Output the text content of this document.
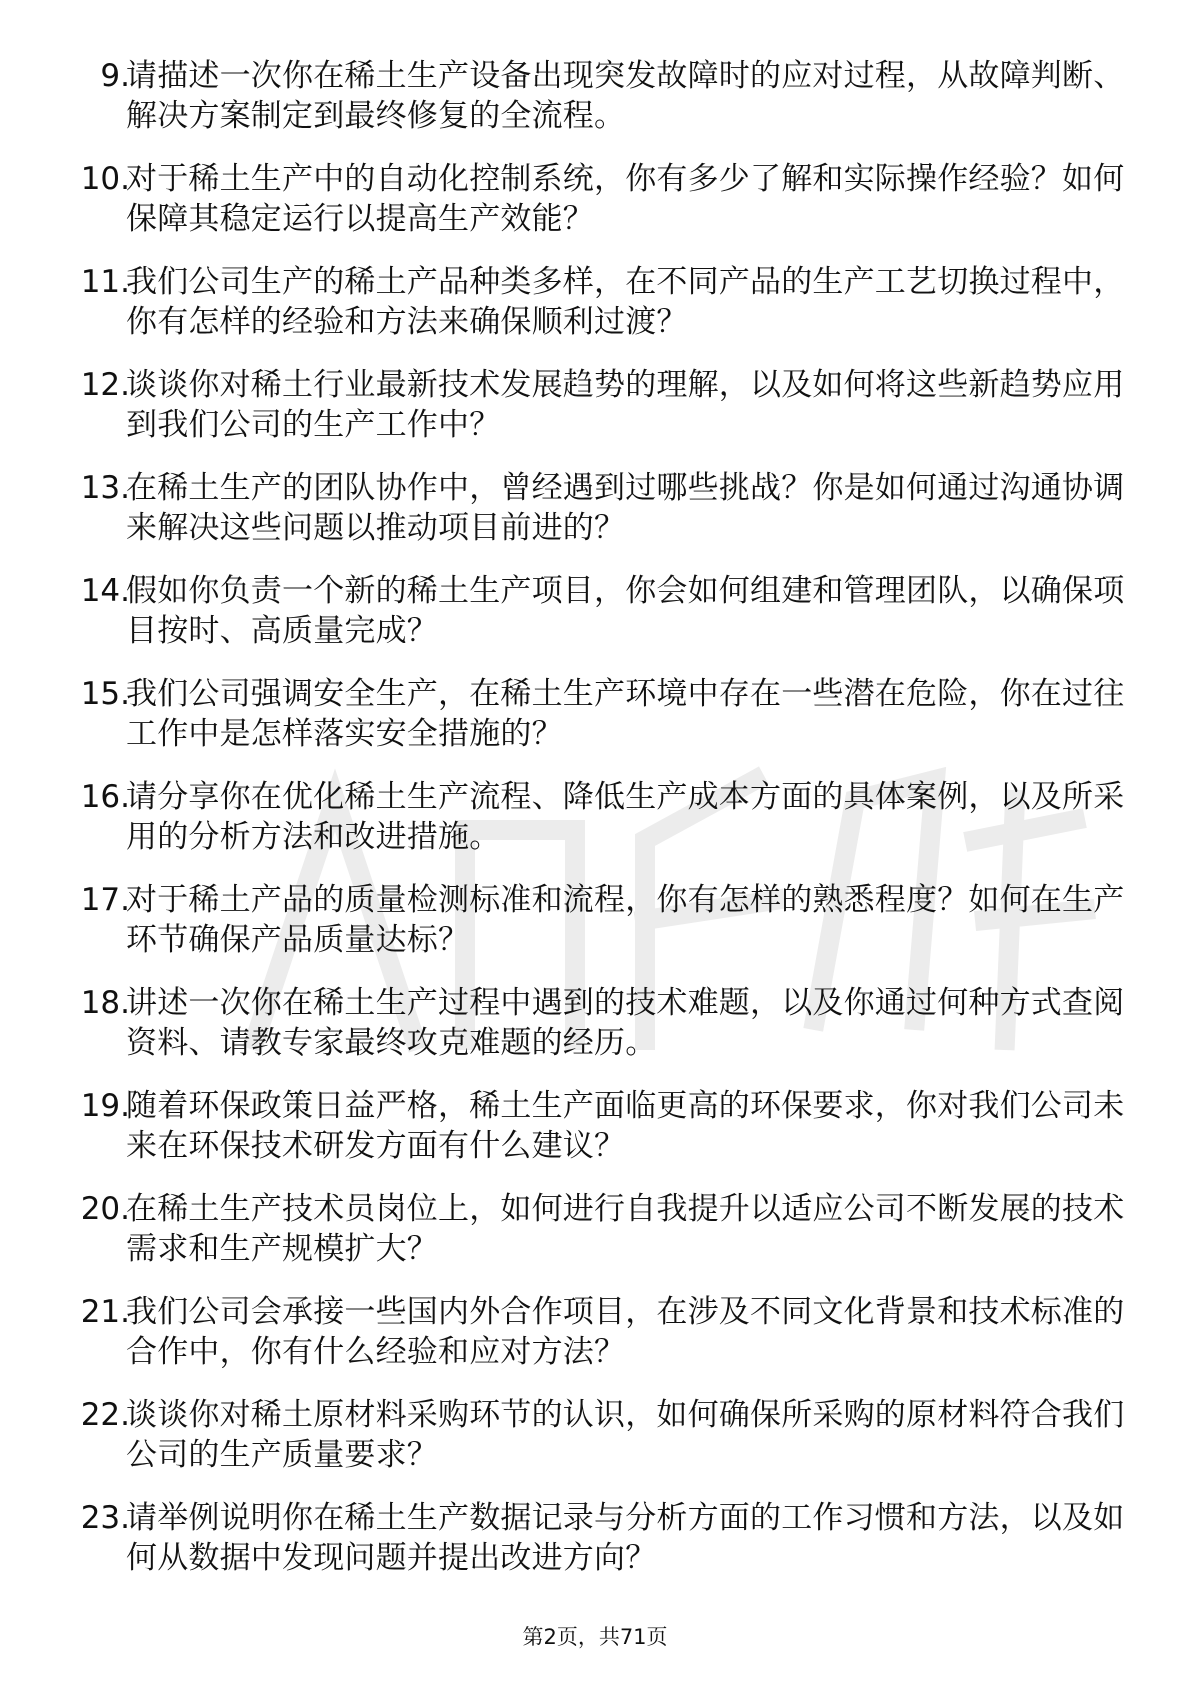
9.
请描述一次你在稀土生产设备出现突发故障时的应对过程，从故障判断、解决方案制定到最终修复的全流程。
10.
对于稀土生产中的自动化控制系统，你有多少了解和实际操作经验？如何保障其稳定运行以提高生产效能？
11.
我们公司生产的稀土产品种类多样，在不同产品的生产工艺切换过程中，你有怎样的经验和方法来确保顺利过渡？
12.
谈谈你对稀土行业最新技术发展趋势的理解，以及如何将这些新趋势应用到我们公司的生产工作中？
13.
在稀土生产的团队协作中，曾经遇到过哪些挑战？你是如何通过沟通协调来解决这些问题以推动项目前进的？
14.
假如你负责一个新的稀土生产项目，你会如何组建和管理团队，以确保项目按时、高质量完成？
15.
我们公司强调安全生产，在稀土生产环境中存在一些潜在危险，你在过往工作中是怎样落实安全措施的？
16.
请分享你在优化稀土生产流程、降低生产成本方面的具体案例，以及所采用的分析方法和改进措施。
17.
对于稀土产品的质量检测标准和流程，你有怎样的熟悉程度？如何在生产环节确保产品质量达标？
18.
讲述一次你在稀土生产过程中遇到的技术难题，以及你通过何种方式查阅资料、请教专家最终攻克难题的经历。
19.
随着环保政策日益严格，稀土生产面临更高的环保要求，你对我们公司未来在环保技术研发方面有什么建议？
20.
在稀土生产技术员岗位上，如何进行自我提升以适应公司不断发展的技术需求和生产规模扩大？
21.
我们公司会承接一些国内外合作项目，在涉及不同文化背景和技术标准的合作中，你有什么经验和应对方法？
22.
谈谈你对稀土原材料采购环节的认识，如何确保所采购的原材料符合我们公司的生产质量要求？
23.
请举例说明你在稀土生产数据记录与分析方面的工作习惯和方法，以及如何从数据中发现问题并提出改进方向？
第2页，共71页
